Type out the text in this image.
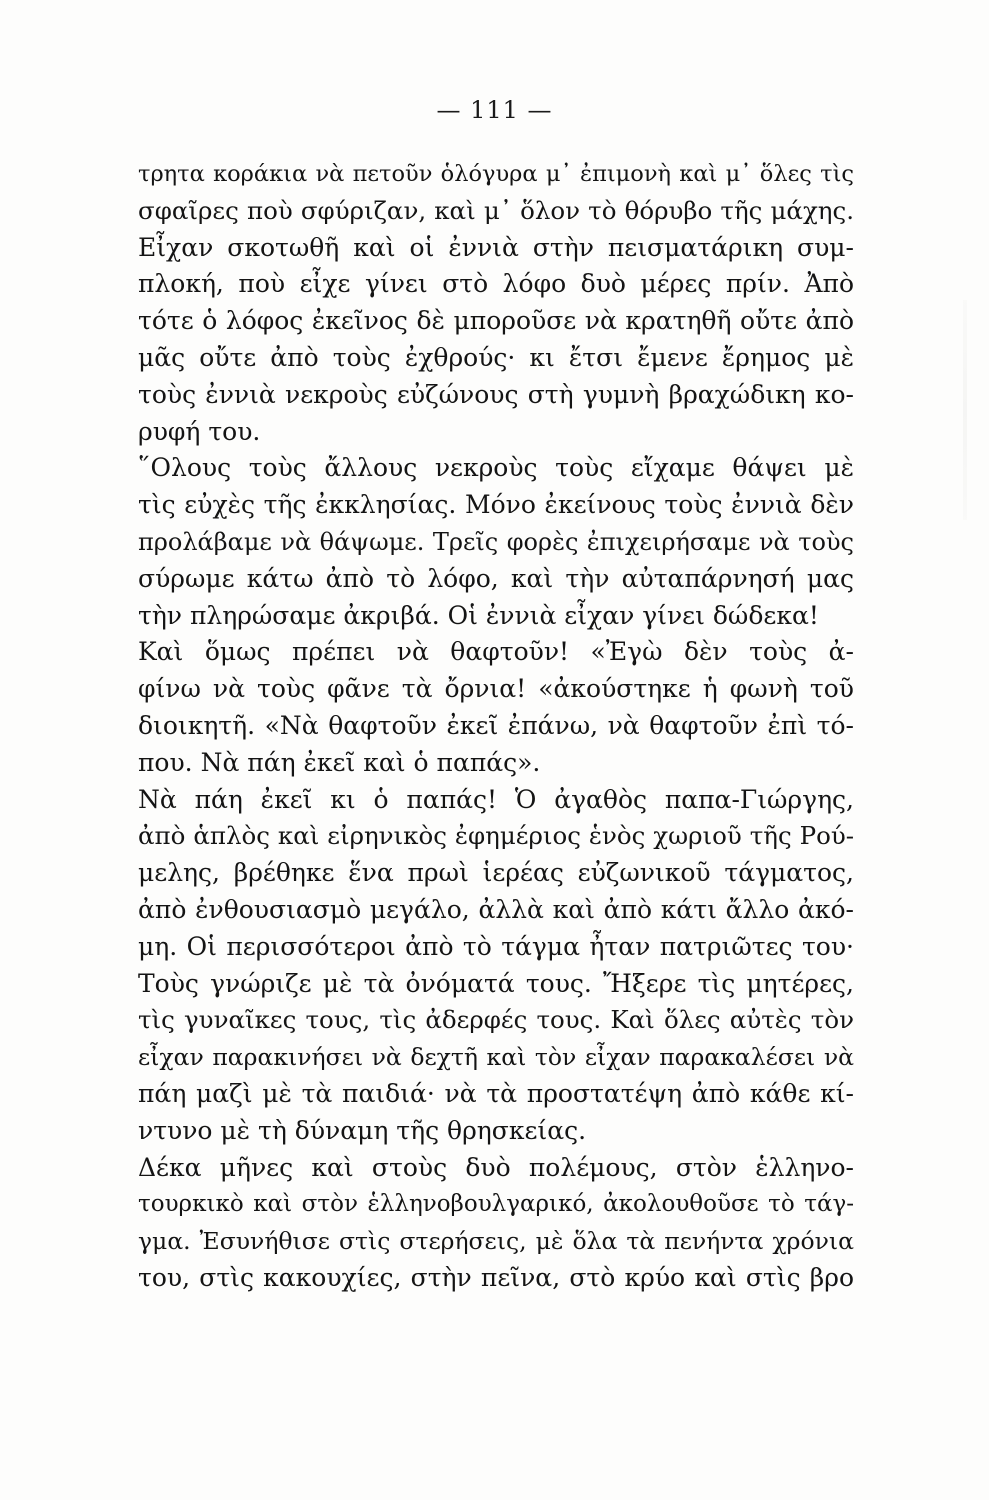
— 111 —
τρητα κοράκια νὰ πετοῦν ὁλόγυρα μ᾿ ἐπιμονὴ καὶ μ᾿ ὅλες τὶς
σφαῖρες ποὺ σφύριζαν, καὶ μ᾿ ὅλον τὸ θόρυβο τῆς μάχης.
Εἶχαν σκοτωθῆ καὶ οἱ ἐννιὰ στὴν πεισματάρικη συμ-
πλοκή, ποὺ εἶχε γίνει στὸ λόφο δυὸ μέρες πρίν. Ἀπὸ
τότε ὁ λόφος ἐκεῖνος δὲ μποροῦσε νὰ κρατηθῆ οὔτε ἀπὸ
μᾶς οὔτε ἀπὸ τοὺς ἐχθρούς· κι ἔτσι ἔμενε ἔρημος μὲ
τοὺς ἐννιὰ νεκροὺς εὐζώνους στὴ γυμνὴ βραχώδικη κο-
ρυφή του.
῞Ολους τοὺς ἄλλους νεκροὺς τοὺς εἴχαμε θάψει μὲ
τὶς εὐχὲς τῆς ἐκκλησίας. Μόνο ἐκείνους τοὺς ἐννιὰ δὲν
προλάβαμε νὰ θάψωμε. Τρεῖς φορὲς ἐπιχειρήσαμε νὰ τοὺς
σύρωμε κάτω ἀπὸ τὸ λόφο, καὶ τὴν αὐταπάρνησή μας
τὴν πληρώσαμε ἀκριβά. Οἱ ἐννιὰ εἶχαν γίνει δώδεκα!
Καὶ ὅμως πρέπει νὰ θαφτοῦν! «Ἐγὼ δὲν τοὺς ἀ-
φίνω νὰ τοὺς φᾶνε τὰ ὄρνια! «ἀκούστηκε ἡ φωνὴ τοῦ
διοικητῆ. «Νὰ θαφτοῦν ἐκεῖ ἐπάνω, νὰ θαφτοῦν ἐπὶ τό-
που. Νὰ πάη ἐκεῖ καὶ ὁ παπάς».
Νὰ πάη ἐκεῖ κι ὁ παπάς! Ὁ ἀγαθὸς παπα-Γιώργης,
ἀπὸ ἁπλὸς καὶ εἰρηνικὸς ἐφημέριος ἑνὸς χωριοῦ τῆς Ρού-
μελης, βρέθηκε ἕνα πρωὶ ἱερέας εὐζωνικοῦ τάγματος,
ἀπὸ ἐνθουσιασμὸ μεγάλο, ἀλλὰ καὶ ἀπὸ κάτι ἄλλο ἀκό-
μη. Οἱ περισσότεροι ἀπὸ τὸ τάγμα ἦταν πατριῶτες του·
Τοὺς γνώριζε μὲ τὰ ὀνόματά τους. Ἤξερε τὶς μητέρες,
τὶς γυναῖκες τους, τὶς ἀδερφές τους. Καὶ ὅλες αὐτὲς τὸν
εἶχαν παρακινήσει νὰ δεχτῆ καὶ τὸν εἶχαν παρακαλέσει νὰ
πάη μαζὶ μὲ τὰ παιδιά· νὰ τὰ προστατέψη ἀπὸ κάθε κί-
ντυνο μὲ τὴ δύναμη τῆς θρησκείας.
Δέκα μῆνες καὶ στοὺς δυὸ πολέμους, στὸν ἑλληνο-
τουρκικὸ καὶ στὸν ἑλληνοβουλγαρικό, ἀκολουθοῦσε τὸ τάγ-
γμα. Ἐσυνήθισε στὶς στερήσεις, μὲ ὅλα τὰ πενήντα χρόνια
του, στὶς κακουχίες, στὴν πεῖνα, στὸ κρύο καὶ στὶς βρο
